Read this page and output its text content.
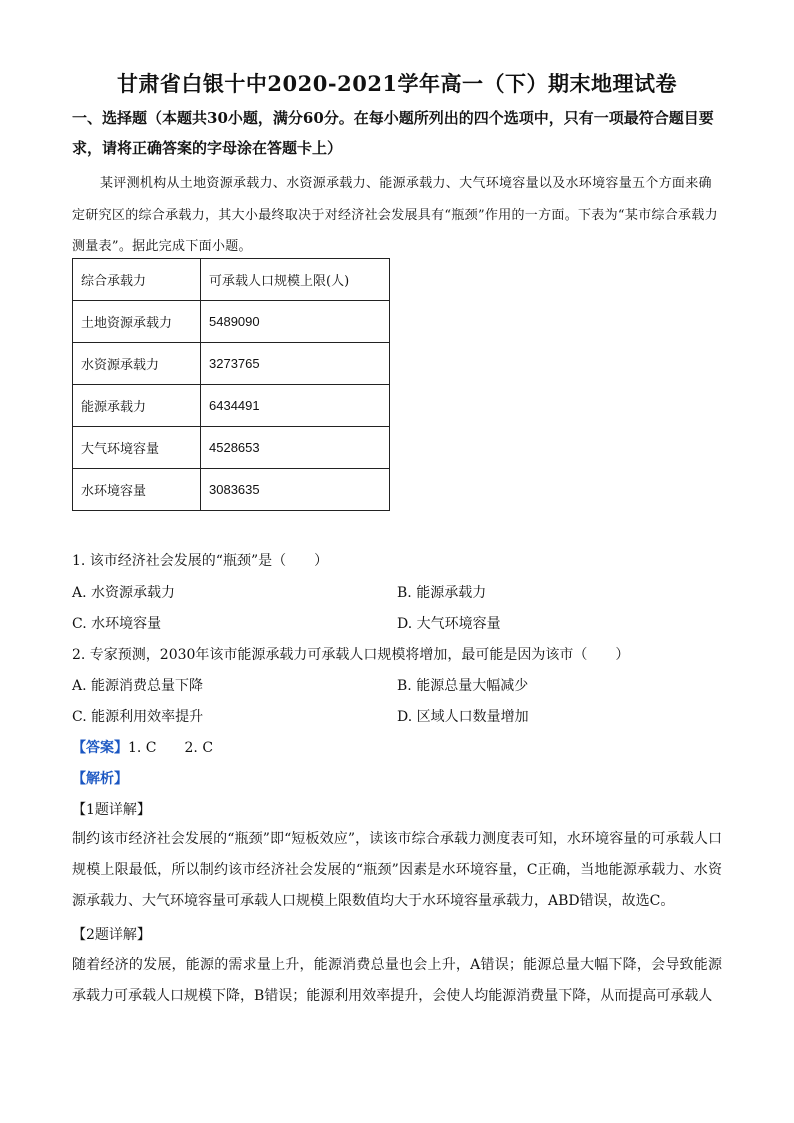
甘肃省白银十中2020-2021学年高一（下）期末地理试卷
一、选择题（本题共30小题，满分60分。在每小题所列出的四个选项中，只有一项最符合题目要求，请将正确答案的字母涂在答题卡上）
某评测机构从土地资源承载力、水资源承载力、能源承载力、大气环境容量以及水环境容量五个方面来确定研究区的综合承载力，其大小最终取决于对经济社会发展具有“瓶颈”作用的一方面。下表为“某市综合承载力测量表”。据此完成下面小题。
综合承载力	可承载人口规模上限(人)
土地资源承载力	5489090
水资源承载力	3273765
能源承载力	6434491
大气环境容量	4528653
水环境容量	3083635
1. 该市经济社会发展的“瓶颈”是（　　）
A. 水资源承载力	B. 能源承载力
C. 水环境容量	D. 大气环境容量
2. 专家预测，2030年该市能源承载力可承载人口规模将增加，最可能是因为该市（　　）
A. 能源消费总量下降	B. 能源总量大幅减少
C. 能源利用效率提升	D. 区域人口数量增加
【答案】1. C　　2. C
【解析】
【1题详解】
制约该市经济社会发展的“瓶颈”即“短板效应”，读该市综合承载力测度表可知，水环境容量的可承载人口规模上限最低，所以制约该市经济社会发展的“瓶颈”因素是水环境容量，C正确，当地能源承载力、水资源承载力、大气环境容量可承载人口规模上限数值均大于水环境容量承载力，ABD错误，故选C。
【2题详解】
随着经济的发展，能源的需求量上升，能源消费总量也会上升，A错误；能源总量大幅下降，会导致能源承载力可承载人口规模下降，B错误；能源利用效率提升，会使人均能源消费量下降，从而提高可承载人
